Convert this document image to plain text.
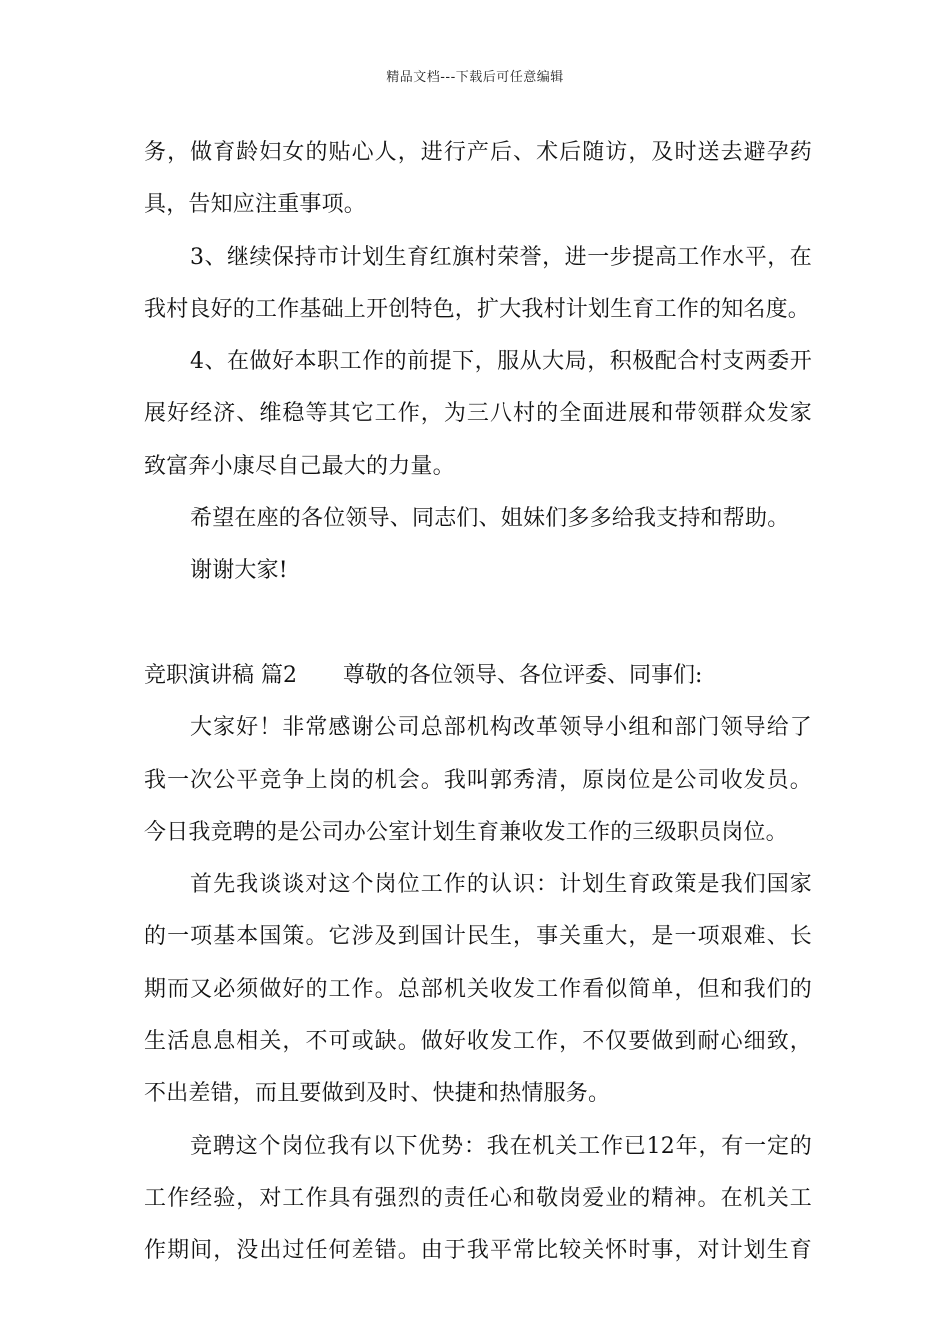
精品文档---下载后可任意编辑
务，做育龄妇女的贴心人，进行产后、术后随访，及时送去避孕药
具，告知应注重事项。
3、继续保持市计划生育红旗村荣誉，进一步提高工作水平，在
我村良好的工作基础上开创特色，扩大我村计划生育工作的知名度。
4、在做好本职工作的前提下，服从大局，积极配合村支两委开
展好经济、维稳等其它工作，为三八村的全面进展和带领群众发家
致富奔小康尽自己最大的力量。
希望在座的各位领导、同志们、姐妹们多多给我支持和帮助。
谢谢大家!
竞职演讲稿 篇2 尊敬的各位领导、各位评委、同事们:
大家好！非常感谢公司总部机构改革领导小组和部门领导给了
我一次公平竞争上岗的机会。我叫郭秀清，原岗位是公司收发员。
今日我竞聘的是公司办公室计划生育兼收发工作的三级职员岗位。
首先我谈谈对这个岗位工作的认识：计划生育政策是我们国家
的一项基本国策。它涉及到国计民生，事关重大，是一项艰难、长
期而又必须做好的工作。总部机关收发工作看似简单，但和我们的
生活息息相关，不可或缺。做好收发工作，不仅要做到耐心细致，
不出差错，而且要做到及时、快捷和热情服务。
竞聘这个岗位我有以下优势：我在机关工作已12年，有一定的
工作经验，对工作具有强烈的责任心和敬岗爱业的精神。在机关工
作期间，没出过任何差错。由于我平常比较关怀时事，对计划生育
